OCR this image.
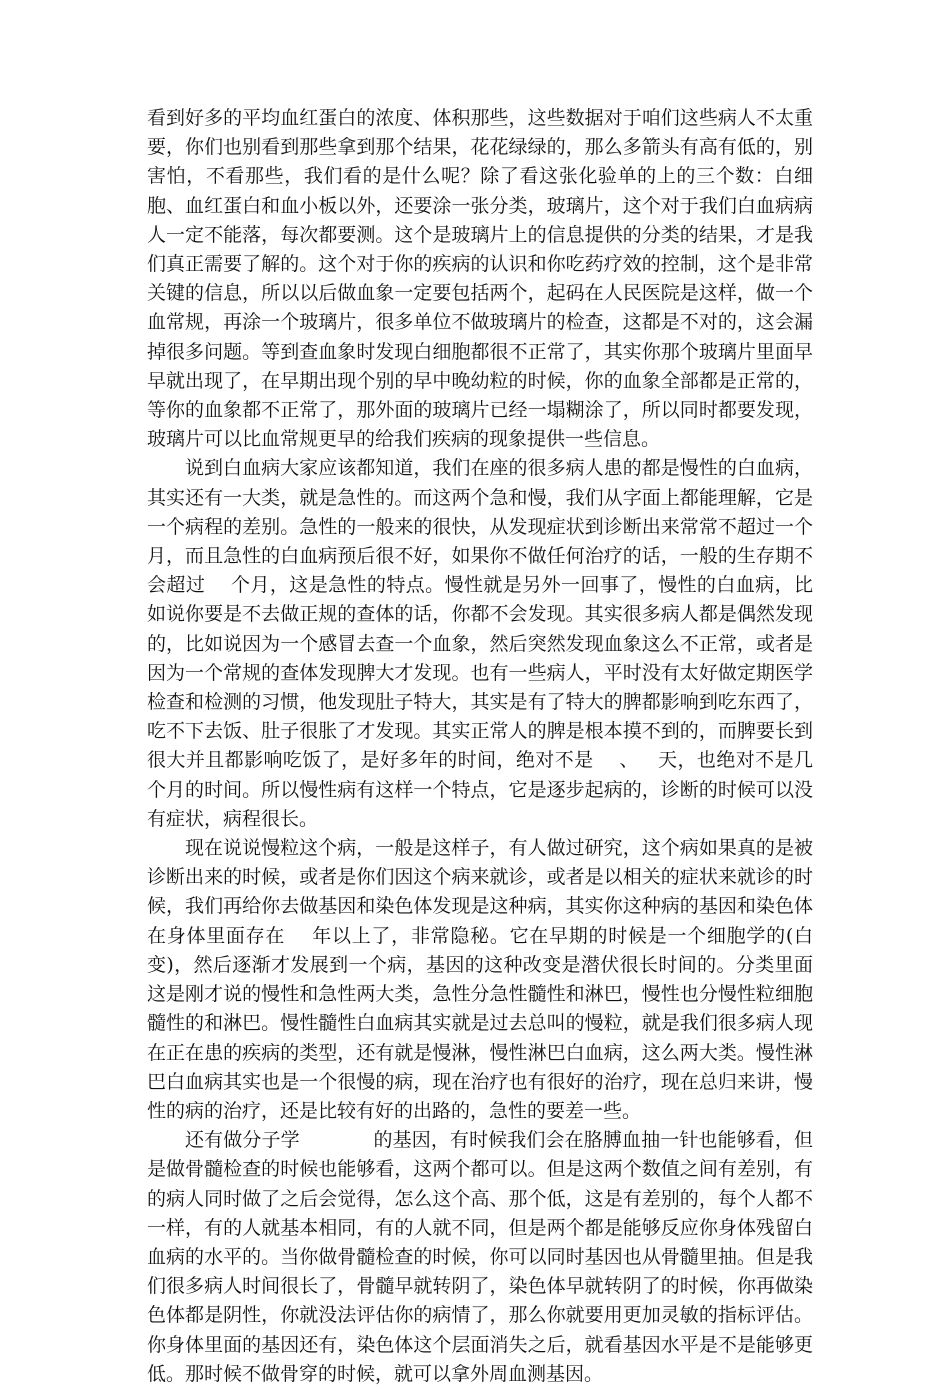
看到好多的平均血红蛋白的浓度、体积那些，这些数据对于咱们这些病人不太重要，你们也别看到那些拿到那个结果，花花绿绿的，那么多箭头有高有低的，别害怕，不看那些，我们看的是什么呢？除了看这张化验单的上的三个数：白细胞、血红蛋白和血小板以外，还要涂一张分类，玻璃片，这个对于我们白血病病人一定不能落，每次都要测。这个是玻璃片上的信息提供的分类的结果，才是我们真正需要了解的。这个对于你的疾病的认识和你吃药疗效的控制，这个是非常关键的信息，所以以后做血象一定要包括两个，起码在人民医院是这样，做一个血常规，再涂一个玻璃片，很多单位不做玻璃片的检查，这都是不对的，这会漏掉很多问题。等到查血象时发现白细胞都很不正常了，其实你那个玻璃片里面早早就出现了，在早期出现个别的早中晚幼粒的时候，你的血象全部都是正常的，等你的血象都不正常了，那外面的玻璃片已经一塌糊涂了，所以同时都要发现，玻璃片可以比血常规更早的给我们疾病的现象提供一些信息。

说到白血病大家应该都知道，我们在座的很多病人患的都是慢性的白血病，其实还有一大类，就是急性的。而这两个急和慢，我们从字面上都能理解，它是一个病程的差别。急性的一般来的很快，从发现症状到诊断出来常常不超过一个月，而且急性的白血病预后很不好，如果你不做任何治疗的话，一般的生存期不会超过    个月，这是急性的特点。慢性就是另外一回事了，慢性的白血病，比如说你要是不去做正规的查体的话，你都不会发现。其实很多病人都是偶然发现的，比如说因为一个感冒去查一个血象，然后突然发现血象这么不正常，或者是因为一个常规的查体发现脾大才发现。也有一些病人，平时没有太好做定期医学检查和检测的习惯，他发现肚子特大，其实是有了特大的脾都影响到吃东西了，吃不下去饭、肚子很胀了才发现。其实正常人的脾是根本摸不到的，而脾要长到很大并且都影响吃饭了，是好多年的时间，绝对不是    、   天，也绝对不是几个月的时间。所以慢性病有这样一个特点，它是逐步起病的，诊断的时候可以没有症状，病程很长。

现在说说慢粒这个病，一般是这样子，有人做过研究，这个病如果真的是被诊断出来的时候，或者是你们因这个病来就诊，或者是以相关的症状来就诊的时候，我们再给你去做基因和染色体发现是这种病，其实你这种病的基因和染色体在身体里面存在    年以上了，非常隐秘。它在早期的时候是一个细胞学的(白变)，然后逐渐才发展到一个病，基因的这种改变是潜伏很长时间的。分类里面这是刚才说的慢性和急性两大类，急性分急性髓性和淋巴，慢性也分慢性粒细胞髓性的和淋巴。慢性髓性白血病其实就是过去总叫的慢粒，就是我们很多病人现在正在患的疾病的类型，还有就是慢淋，慢性淋巴白血病，这么两大类。慢性淋巴白血病其实也是一个很慢的病，现在治疗也有很好的治疗，现在总归来讲，慢性的病的治疗，还是比较有好的出路的，急性的要差一些。

还有做分子学            的基因，有时候我们会在胳膊血抽一针也能够看，但是做骨髓检查的时候也能够看，这两个都可以。但是这两个数值之间有差别，有的病人同时做了之后会觉得，怎么这个高、那个低，这是有差别的，每个人都不一样，有的人就基本相同，有的人就不同，但是两个都是能够反应你身体残留白血病的水平的。当你做骨髓检查的时候，你可以同时基因也从骨髓里抽。但是我们很多病人时间很长了，骨髓早就转阴了，染色体早就转阴了的时候，你再做染色体都是阴性，你就没法评估你的病情了，那么你就要用更加灵敏的指标评估。你身体里面的基因还有，染色体这个层面消失之后，就看基因水平是不是能够更低。那时候不做骨穿的时候，就可以拿外周血测基因。
